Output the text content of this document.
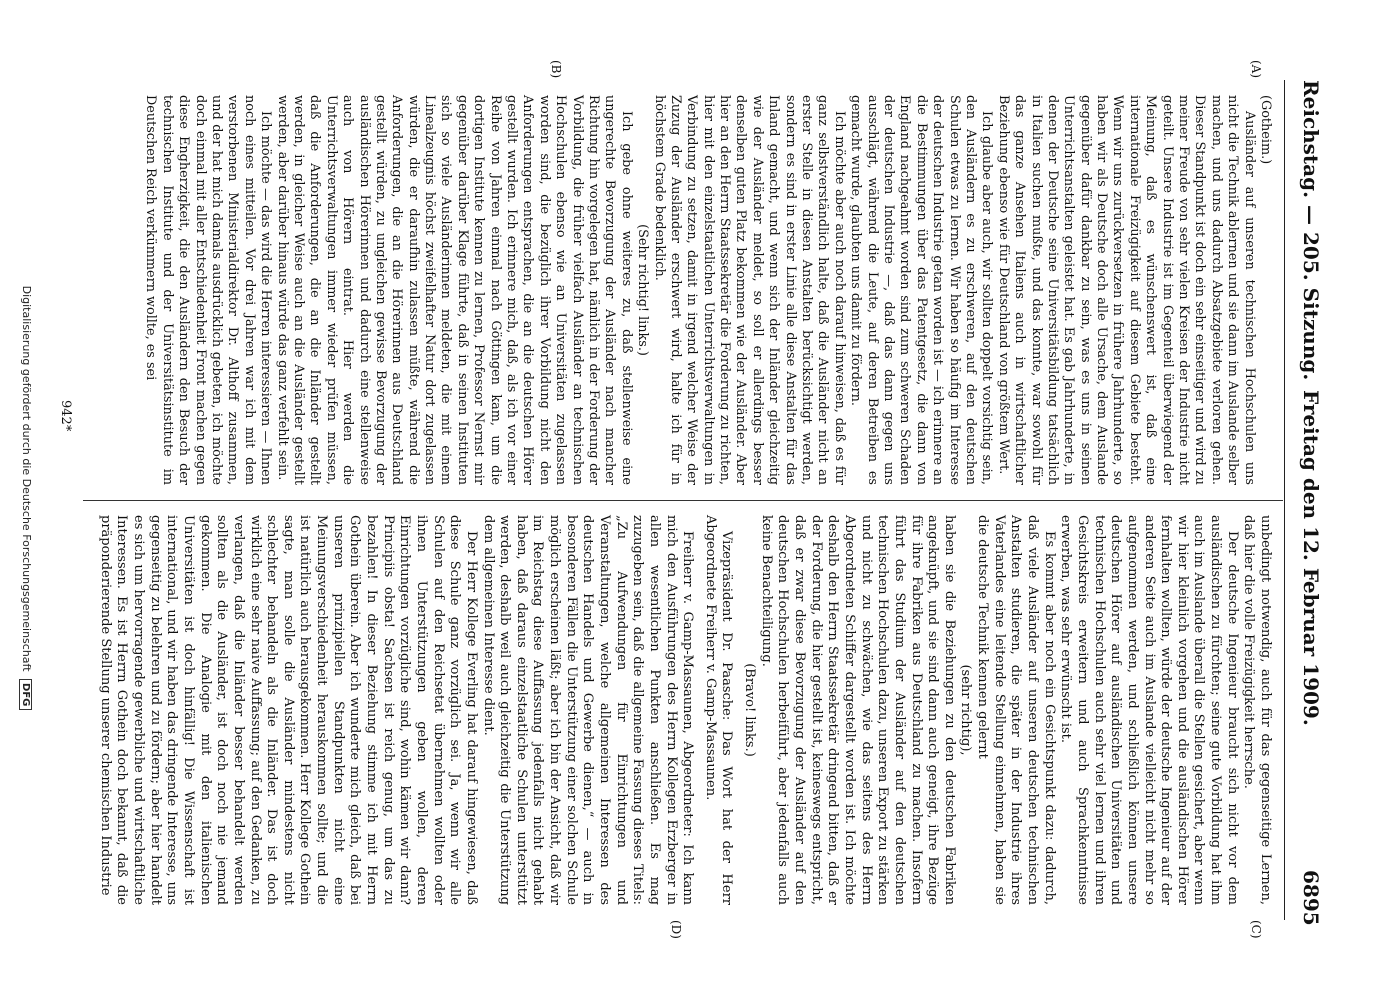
Reichstag. — 205. Sitzung.
Freitag den 12. Februar 1909.
6895
(A)
(B)
(C)
(D)

(Gotheim.)

Ausländer auf unseren technischen Hochschulen uns nicht die Technik ablernen und sie dann im Auslande selber machen, und uns dadurch Absatzgebiete verloren gehen. Dieser Standpunkt ist doch ein sehr einseitiger und wird zu meiner Freude von sehr vielen Kreisen der Industrie nicht geteilt. Unsere Industrie ist im Gegenteil überwiegend der Meinung, daß es wünschenswert ist, daß eine internationale Freizügigkeit auf diesem Gebiete besteht. Wenn wir uns zurückversetzen in frühere Jahrhunderte, so haben wir als Deutsche doch alle Ursache, dem Auslande gegenüber dafür dankbar zu sein, was es uns in seinen Unterrichtsanstalten geleistet hat. Es gab Jahrhunderte, in denen der Deutsche seine Universitätsbildung tatsächlich in Italien suchen mußte, und das konnte, war sowohl für das ganze Ansehen Italiens auch in wirtschaftlicher Beziehung ebenso wie für Deutschland von größtem Wert.

Ich glaube aber auch, wir sollten doppelt vorsichtig sein, den Ausländern es zu erschweren, auf den deutschen Schulen etwas zu lernen. Wir haben so häufig im Interesse der deutschen Industrie getan worden ist — ich erinnere an die Bestimmungen über das Patentgesetz, die dann von England nachgeahmt worden sind zum schweren Schaden der deutschen Industrie —, daß das dann gegen uns ausschlägt, während die Leute, auf deren Betreiben es gemacht wurde, glaubten uns damit zu fördern.

Ich möchte aber auch noch darauf hinweisen, daß es für ganz selbstverständlich halte, daß die Ausländer nicht an erster Stelle in diesen Anstalten berücksichtigt werden, sondern es sind in erster Linie alle diese Anstalten für das Inland gemacht, und wenn sich der Inländer gleichzeitig wie der Ausländer meldet, so soll er allerdings besser denselben guten Platz bekommen wie der Ausländer. Aber hier an den Herrn Staatssekretär die Forderung zu richten, hier mit den einzelstaatlichen Unterrichtsverwaltungen in Verbindung zu setzen, damit in irgend welcher Weise der Zuzug der Ausländer erschwert wird, halte ich für in höchstem Grade bedenklich.

(Sehr richtig! links.)

Ich gebe ohne weiteres zu, daß stellenweise eine ungerechte Bevorzugung der Ausländer nach mancher Richtung hin vorgelegen hat, nämlich in der Forderung der Vorbildung, die früher vielfach Ausländer an technischen Hochschulen ebenso wie an Universitäten zugelassen worden sind, die bezüglich ihrer Vorbildung nicht den Anforderungen entsprachen, die an die deutschen Hörer gestellt wurden. Ich erinnere mich, daß, als ich vor einer Reihe von Jahren einmal nach Göttingen kam, um die dortigen Institute kennen zu lernen, Professor Nernst mir gegenüber darüber Klage führte, daß in seinen Instituten sich so viele Ausländerinnen meldeten, die mit einem Linealzeugnis höchst zweifelhafter Natur dort zugelassen würden, die er daraufhin zulassen müßte, während die Anforderungen, die an die Hörerinnen aus Deutschland gestellt würden, zu ungleichen gewisse Bevorzugung der ausländischen Hörerinnen und dadurch eine stellenweise auch von Hörern eintrat. Hier werden die Unterrichtsverwaltungen immer wieder prüfen müssen, daß die Anforderungen, die an die Inländer gestellt werden, in gleicher Weise auch an die Ausländer gestellt werden, aber darüber hinaus würde das ganz verfehlt sein.

Ich möchte — das wird die Herren interessieren — Ihnen noch eines mitteilen. Vor drei Jahren war ich mit dem verstorbenen Ministerialdirektor Dr. Althoff zusammen, und der hat mich damals ausdrücklich gebeten, ich möchte doch einmal mit aller Entschiedenheit Front machen gegen diese Engherzigkeit, die den Ausländern den Besuch der technischen Institute und der Universitätsinstitute im Deutschen Reich verkümmern wollte, es sei

unbedingt notwendig, auch für das gegenseitige Lernen, daß hier die volle Freizügigkeit herrsche.

Der deutsche Ingenieur braucht sich nicht vor dem ausländischen zu fürchten; seine gute Vorbildung hat ihm auch im Auslande überall die Stellen gesichert, aber wenn wir hier kleinlich vorgehen und die ausländischen Hörer fernhalten wollten, würde der deutsche Ingenieur auf der anderen Seite auch im Auslande vielleicht nicht mehr so aufgenommen werden, und schließlich können unsere deutschen Hörer auf ausländischen Universitäten und technischen Hochschulen auch sehr viel lernen und ihren Gesichtskreis erweitern und auch Sprachkenntnisse erwerben, was sehr erwünscht ist.

Es kommt aber noch ein Gesichtspunkt dazu: dadurch, daß viele Ausländer auf unseren deutschen technischen Anstalten studieren, die später in der Industrie ihres Vaterlandes eine leitende Stellung einnehmen, haben sie die deutsche Technik kennen gelernt

(sehr richtig),

haben sie die Beziehungen zu den deutschen Fabriken angeknüpft, und sie sind dann auch geneigt, ihre Bezüge für ihre Fabriken aus Deutschland zu machen. Insofern führt das Studium der Ausländer auf den deutschen technischen Hochschulen dazu, unseren Export zu stärken und nicht zu schwächen, wie das seitens des Herrn Abgeordneten Schiffer dargestellt worden ist. Ich möchte deshalb den Herrn Staatssekretär dringend bitten, daß er der Forderung, die hier gestellt ist, keineswegs entspricht, daß er zwar diese Bevorzugung der Ausländer auf den deutschen Hochschulen herbeiführt, aber jedenfalls auch keine Benachteiligung.

(Bravo! links.)

Vizepräsident Dr. Paasche: Das Wort hat der Herr Abgeordnete Freiherr v. Gamp-Massaunen.

Freiherr v. Gamp-Massaunen, Abgeordneter: Ich kann mich den Ausführungen des Herrn Kollegen Erzberger in allen wesentlichen Punkten anschließen. Es mag zuzugeben sein, daß die allgemeine Fassung dieses Titels: „Zu Aufwendungen für Einrichtungen und Veranstaltungen, welche allgemeinen Interessen des deutschen Handels und Gewerbe dienen,“ — auch in besonderen Fällen die Unterstützung einer solchen Schule möglich erscheinen läßt; aber ich bin der Ansicht, daß wir im Reichstag diese Auffassung jedenfalls nicht gehabt haben, daß daraus einzelstaatliche Schulen unterstützt werden, deshalb weil auch gleichzeitig die Unterstützung dem allgemeinen Interesse dient.

Der Herr Kollege Everling hat darauf hingewiesen, daß diese Schule ganz vorzüglich sei. Ja, wenn wir alle Schulen auf den Reichsetat übernehmen wollten oder ihnen Unterstützungen geben wollen, deren Einrichtungen vorzügliche sind, wohin kämen wir dann? Principiis obsta! Sachsen ist reich genug, um das zu bezahlen! In dieser Beziehung stimme ich mit Herrn Gothein überein. Aber ich wunderte mich gleich, daß bei unseren prinzipiellen Standpunkten nicht eine Meinungsverschiedenheit herauskommen sollte; und die ist natürlich auch herausgekommen. Herr Kollege Gothein sagte, man solle die Ausländer mindestens nicht schlechter behandeln als die Inländer. Das ist doch wirklich eine sehr naive Auffassung; auf den Gedanken, zu verlangen, daß die Inländer besser behandelt werden sollten als die Ausländer, ist doch noch nie jemand gekommen. Die Analogie mit den italienischen Universitäten ist doch hinfällig! Die Wissenschaft ist international, und wir haben das dringende Interesse, uns gegenseitig zu belehren und zu fördern; aber hier handelt es sich um hervorragende gewerbliche und wirtschaftliche Interessen. Es ist Herrn Gothein doch bekannt, daß die präponderierende Stellung unserer chemischen Industrie

942*
Digitalisierung gefördert durch die Deutsche Forschungsgemeinschaft DFG
